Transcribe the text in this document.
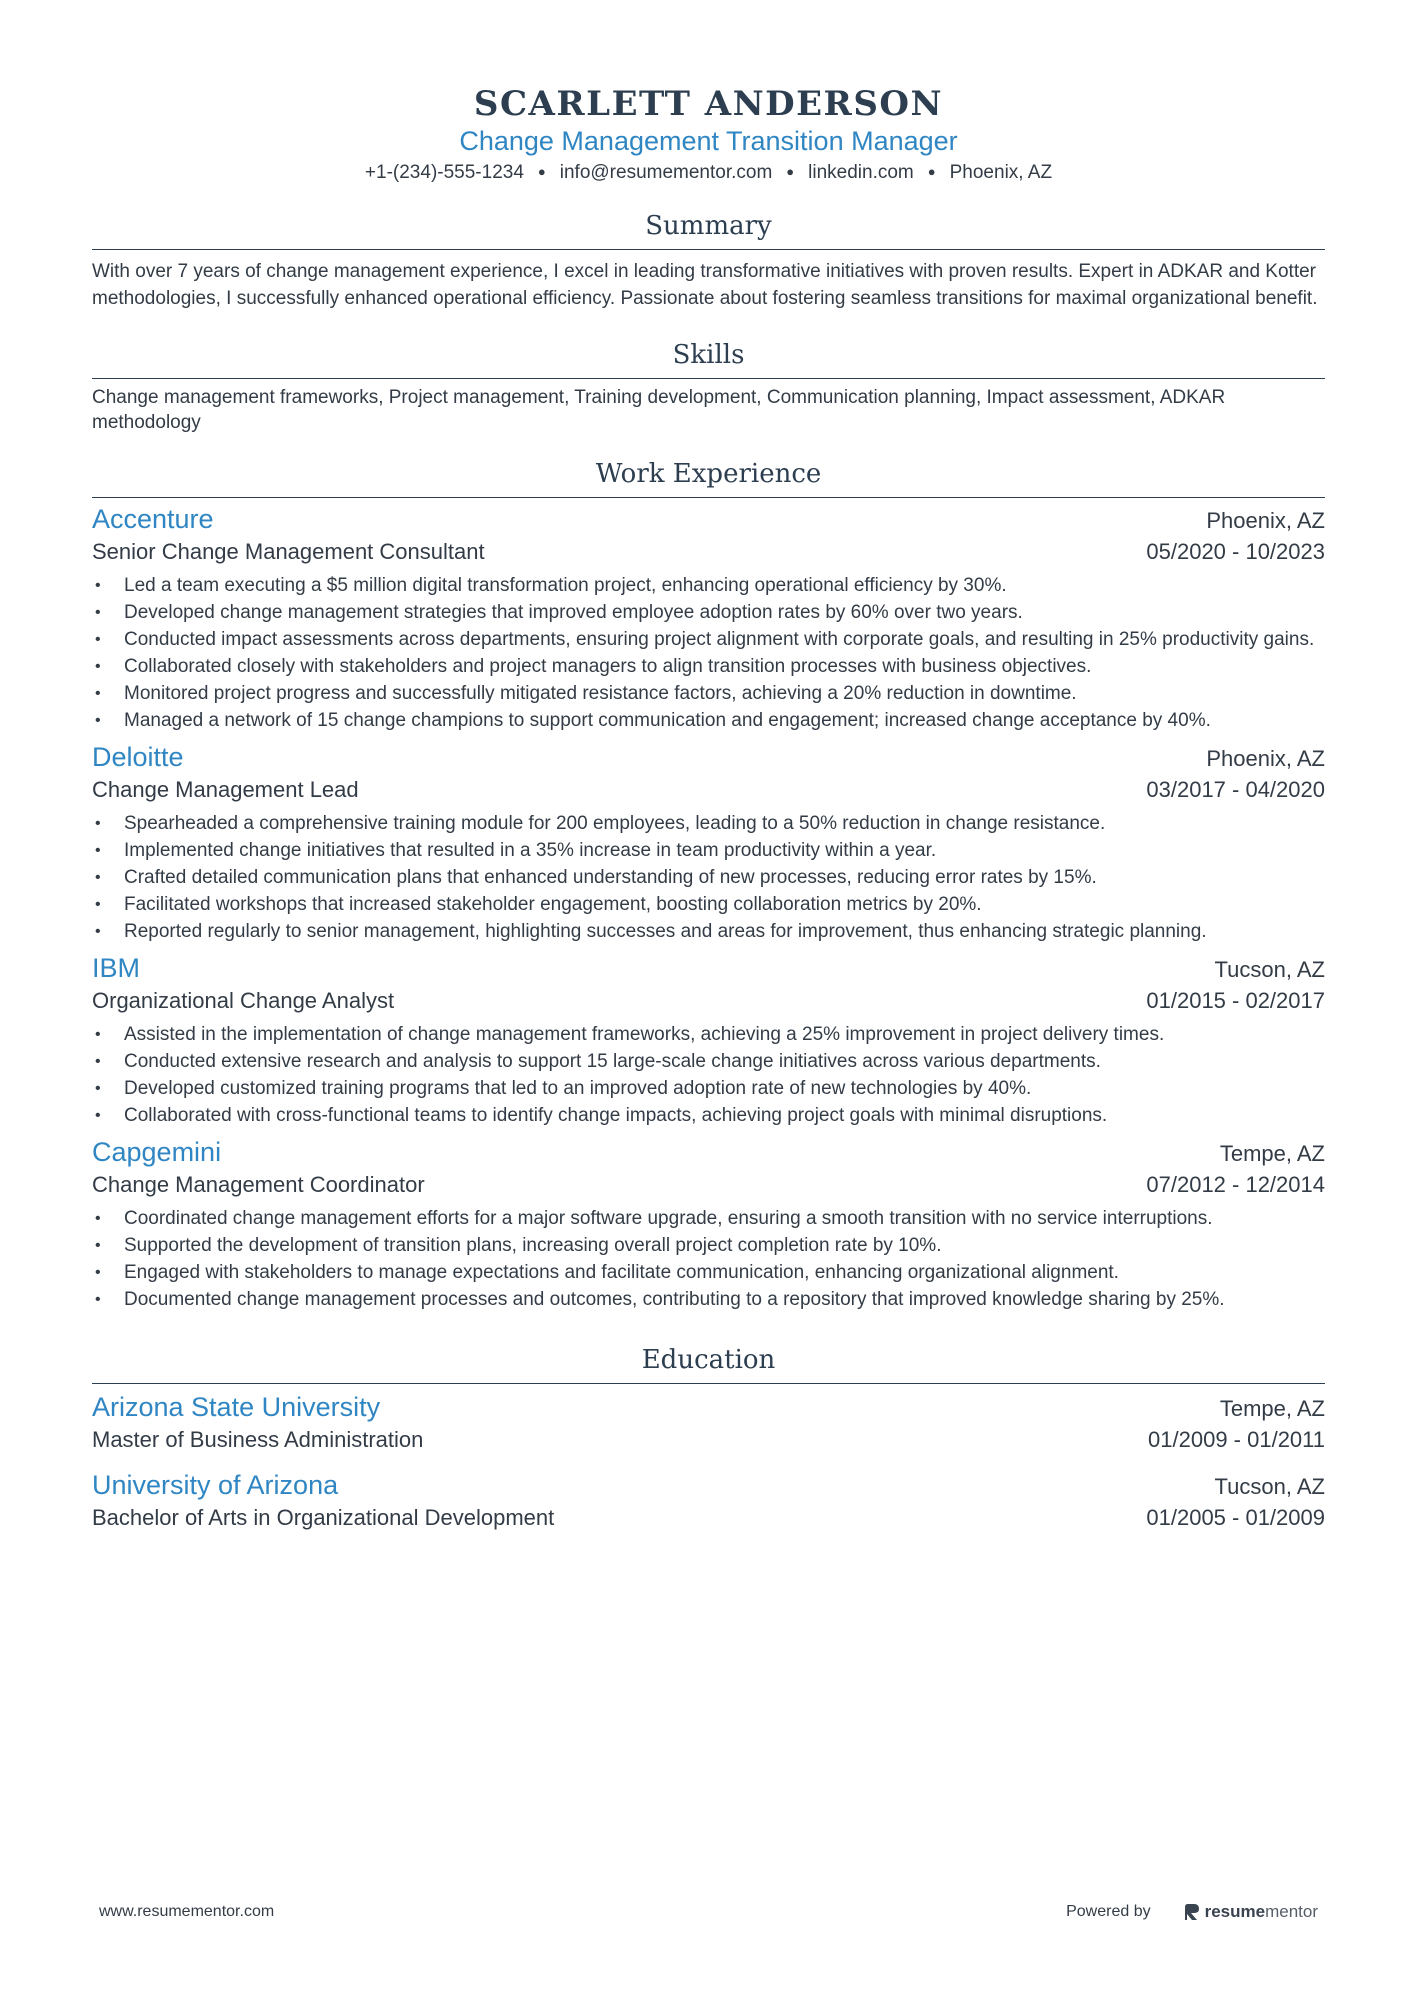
SCARLETT ANDERSON
Change Management Transition Manager
+1-(234)-555-1234 ● info@resumementor.com ● linkedin.com ● Phoenix, AZ
Summary
With over 7 years of change management experience, I excel in leading transformative initiatives with proven results. Expert in ADKAR and Kotter methodologies, I successfully enhanced operational efficiency. Passionate about fostering seamless transitions for maximal organizational benefit.
Skills
Change management frameworks, Project management, Training development, Communication planning, Impact assessment, ADKAR methodology
Work Experience
Accenture	Phoenix, AZ
Senior Change Management Consultant	05/2020 - 10/2023
• Led a team executing a $5 million digital transformation project, enhancing operational efficiency by 30%.
• Developed change management strategies that improved employee adoption rates by 60% over two years.
• Conducted impact assessments across departments, ensuring project alignment with corporate goals, and resulting in 25% productivity gains.
• Collaborated closely with stakeholders and project managers to align transition processes with business objectives.
• Monitored project progress and successfully mitigated resistance factors, achieving a 20% reduction in downtime.
• Managed a network of 15 change champions to support communication and engagement; increased change acceptance by 40%.
Deloitte	Phoenix, AZ
Change Management Lead	03/2017 - 04/2020
• Spearheaded a comprehensive training module for 200 employees, leading to a 50% reduction in change resistance.
• Implemented change initiatives that resulted in a 35% increase in team productivity within a year.
• Crafted detailed communication plans that enhanced understanding of new processes, reducing error rates by 15%.
• Facilitated workshops that increased stakeholder engagement, boosting collaboration metrics by 20%.
• Reported regularly to senior management, highlighting successes and areas for improvement, thus enhancing strategic planning.
IBM	Tucson, AZ
Organizational Change Analyst	01/2015 - 02/2017
• Assisted in the implementation of change management frameworks, achieving a 25% improvement in project delivery times.
• Conducted extensive research and analysis to support 15 large-scale change initiatives across various departments.
• Developed customized training programs that led to an improved adoption rate of new technologies by 40%.
• Collaborated with cross-functional teams to identify change impacts, achieving project goals with minimal disruptions.
Capgemini	Tempe, AZ
Change Management Coordinator	07/2012 - 12/2014
• Coordinated change management efforts for a major software upgrade, ensuring a smooth transition with no service interruptions.
• Supported the development of transition plans, increasing overall project completion rate by 10%.
• Engaged with stakeholders to manage expectations and facilitate communication, enhancing organizational alignment.
• Documented change management processes and outcomes, contributing to a repository that improved knowledge sharing by 25%.
Education
Arizona State University	Tempe, AZ
Master of Business Administration	01/2009 - 01/2011
University of Arizona	Tucson, AZ
Bachelor of Arts in Organizational Development	01/2005 - 01/2009
www.resumementor.com	Powered by	resumementor
